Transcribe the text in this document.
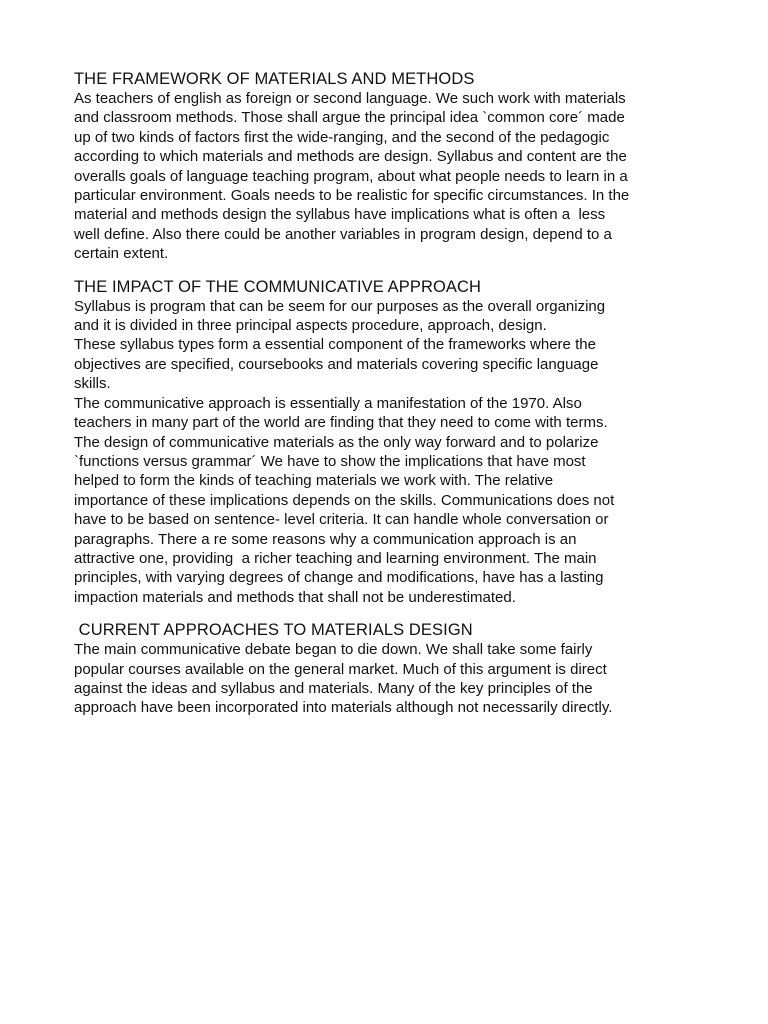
THE FRAMEWORK OF MATERIALS AND METHODS
As teachers of english as foreign or second language. We such work with materials
and classroom methods. Those shall argue the principal idea `common core´ made
up of two kinds of factors first the wide-ranging, and the second of the pedagogic
according to which materials and methods are design. Syllabus and content are the
overalls goals of language teaching program, about what people needs to learn in a
particular environment. Goals needs to be realistic for specific circumstances. In the
material and methods design the syllabus have implications what is often a  less
well define. Also there could be another variables in program design, depend to a
certain extent.
THE IMPACT OF THE COMMUNICATIVE APPROACH
Syllabus is program that can be seem for our purposes as the overall organizing
and it is divided in three principal aspects procedure, approach, design.
These syllabus types form a essential component of the frameworks where the
objectives are specified, coursebooks and materials covering specific language
skills.
The communicative approach is essentially a manifestation of the 1970. Also
teachers in many part of the world are finding that they need to come with terms.
The design of communicative materials as the only way forward and to polarize
`functions versus grammar´ We have to show the implications that have most
helped to form the kinds of teaching materials we work with. The relative
importance of these implications depends on the skills. Communications does not
have to be based on sentence- level criteria. It can handle whole conversation or
paragraphs. There a re some reasons why a communication approach is an
attractive one, providing  a richer teaching and learning environment. The main
principles, with varying degrees of change and modifications, have has a lasting
impaction materials and methods that shall not be underestimated.
CURRENT APPROACHES TO MATERIALS DESIGN
The main communicative debate began to die down. We shall take some fairly
popular courses available on the general market. Much of this argument is direct
against the ideas and syllabus and materials. Many of the key principles of the
approach have been incorporated into materials although not necessarily directly.
